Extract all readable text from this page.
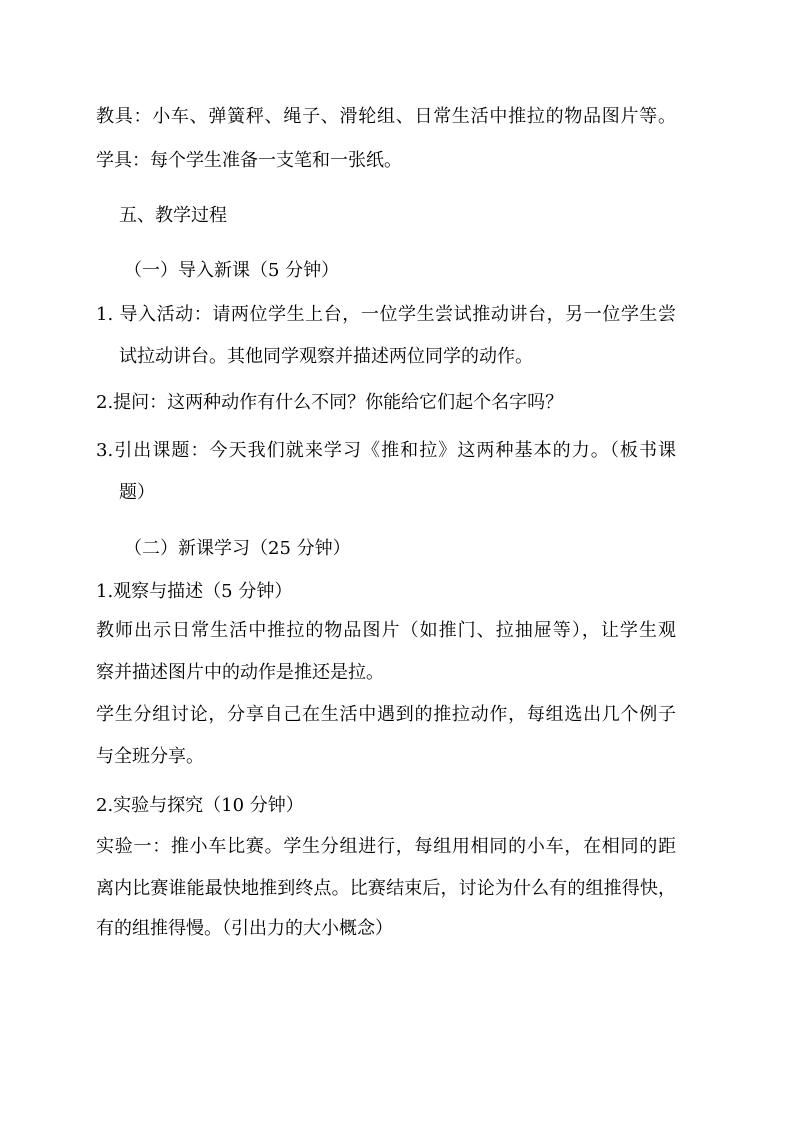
教具：小车、弹簧秤、绳子、滑轮组、日常生活中推拉的物品图片等。
学具：每个学生准备一支笔和一张纸。
五、教学过程
（一）导入新课（5 分钟）
1. 导入活动：请两位学生上台，一位学生尝试推动讲台，另一位学生尝
试拉动讲台。其他同学观察并描述两位同学的动作。
2.提问：这两种动作有什么不同？你能给它们起个名字吗？
3.引出课题：今天我们就来学习《推和拉》这两种基本的力。（板书课
题）
（二）新课学习（25 分钟）
1.观察与描述（5 分钟）
教师出示日常生活中推拉的物品图片（如推门、拉抽屉等），让学生观
察并描述图片中的动作是推还是拉。
学生分组讨论，分享自己在生活中遇到的推拉动作，每组选出几个例子
与全班分享。
2.实验与探究（10 分钟）
实验一：推小车比赛。学生分组进行，每组用相同的小车，在相同的距
离内比赛谁能最快地推到终点。比赛结束后，讨论为什么有的组推得快，
有的组推得慢。（引出力的大小概念）
